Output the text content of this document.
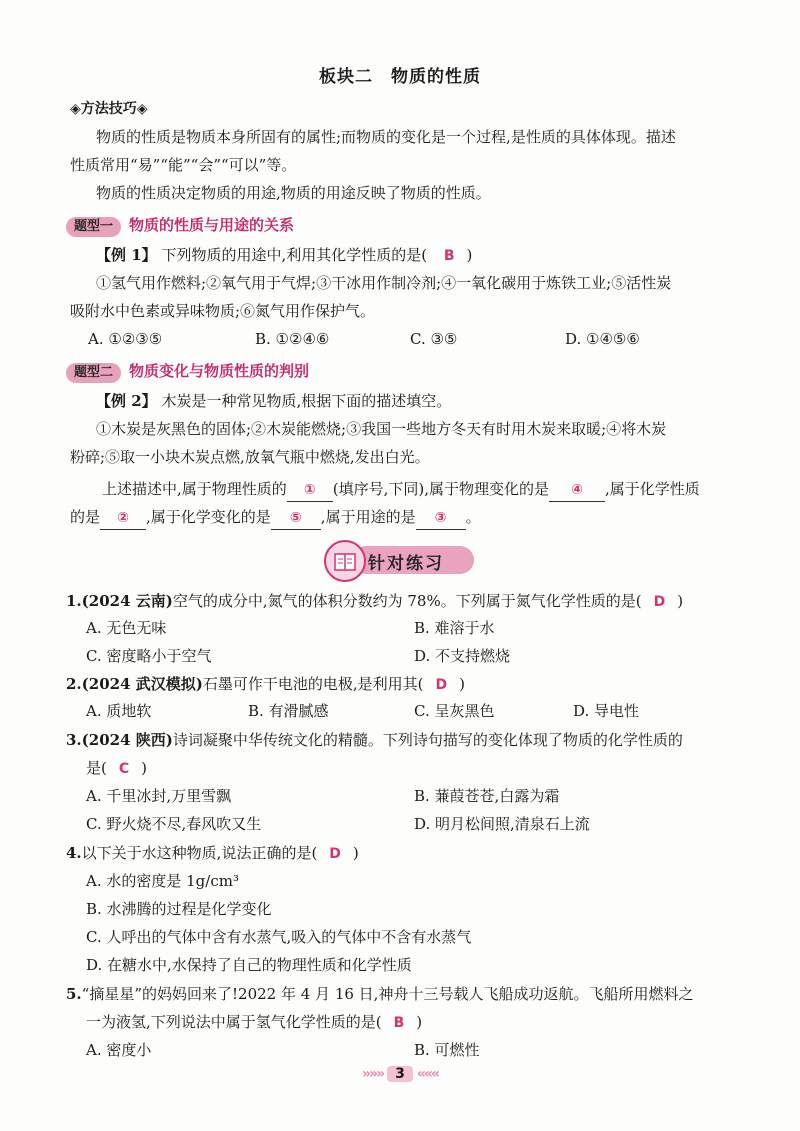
板块二　物质的性质
◈方法技巧◈
物质的性质是物质本身所固有的属性;而物质的变化是一个过程,是性质的具体体现。描述
性质常用“易”“能”“会”“可以”等。
物质的性质决定物质的用途,物质的用途反映了物质的性质。
题型一 物质的性质与用途的关系
【例 1】 下列物质的用途中,利用其化学性质的是( B )
①氢气用作燃料;②氧气用于气焊;③干冰用作制冷剂;④一氧化碳用于炼铁工业;⑤活性炭
吸附水中色素或异味物质;⑥氮气用作保护气。
A. ①②③⑤	B. ①②④⑥	C. ③⑤	D. ①④⑤⑥
题型二 物质变化与物质性质的判别
【例 2】 木炭是一种常见物质,根据下面的描述填空。
①木炭是灰黑色的固体;②木炭能燃烧;③我国一些地方冬天有时用木炭来取暖;④将木炭
粉碎;⑤取一小块木炭点燃,放氧气瓶中燃烧,发出白光。
上述描述中,属于物理性质的 ① (填序号,下同),属于物理变化的是 ④ ,属于化学性质
的是 ② ,属于化学变化的是 ⑤ ,属于用途的是 ③ 。
针对练习
1.(2024 云南)空气的成分中,氮气的体积分数约为 78%。下列属于氮气化学性质的是( D )
A. 无色无味	B. 难溶于水
C. 密度略小于空气	D. 不支持燃烧
2.(2024 武汉模拟)石墨可作干电池的电极,是利用其( D )
A. 质地软	B. 有滑腻感	C. 呈灰黑色	D. 导电性
3.(2024 陕西)诗词凝聚中华传统文化的精髓。下列诗句描写的变化体现了物质的化学性质的
是( C )
A. 千里冰封,万里雪飘	B. 蒹葭苍苍,白露为霜
C. 野火烧不尽,春风吹又生	D. 明月松间照,清泉石上流
4.以下关于水这种物质,说法正确的是( D )
A. 水的密度是 1g/cm³
B. 水沸腾的过程是化学变化
C. 人呼出的气体中含有水蒸气,吸入的气体中不含有水蒸气
D. 在糖水中,水保持了自己的物理性质和化学性质
5.“摘星星”的妈妈回来了!2022 年 4 月 16 日,神舟十三号载人飞船成功返航。飞船所用燃料之
一为液氢,下列说法中属于氢气化学性质的是( B )
A. 密度小	B. 可燃性
»»» 3 «««
